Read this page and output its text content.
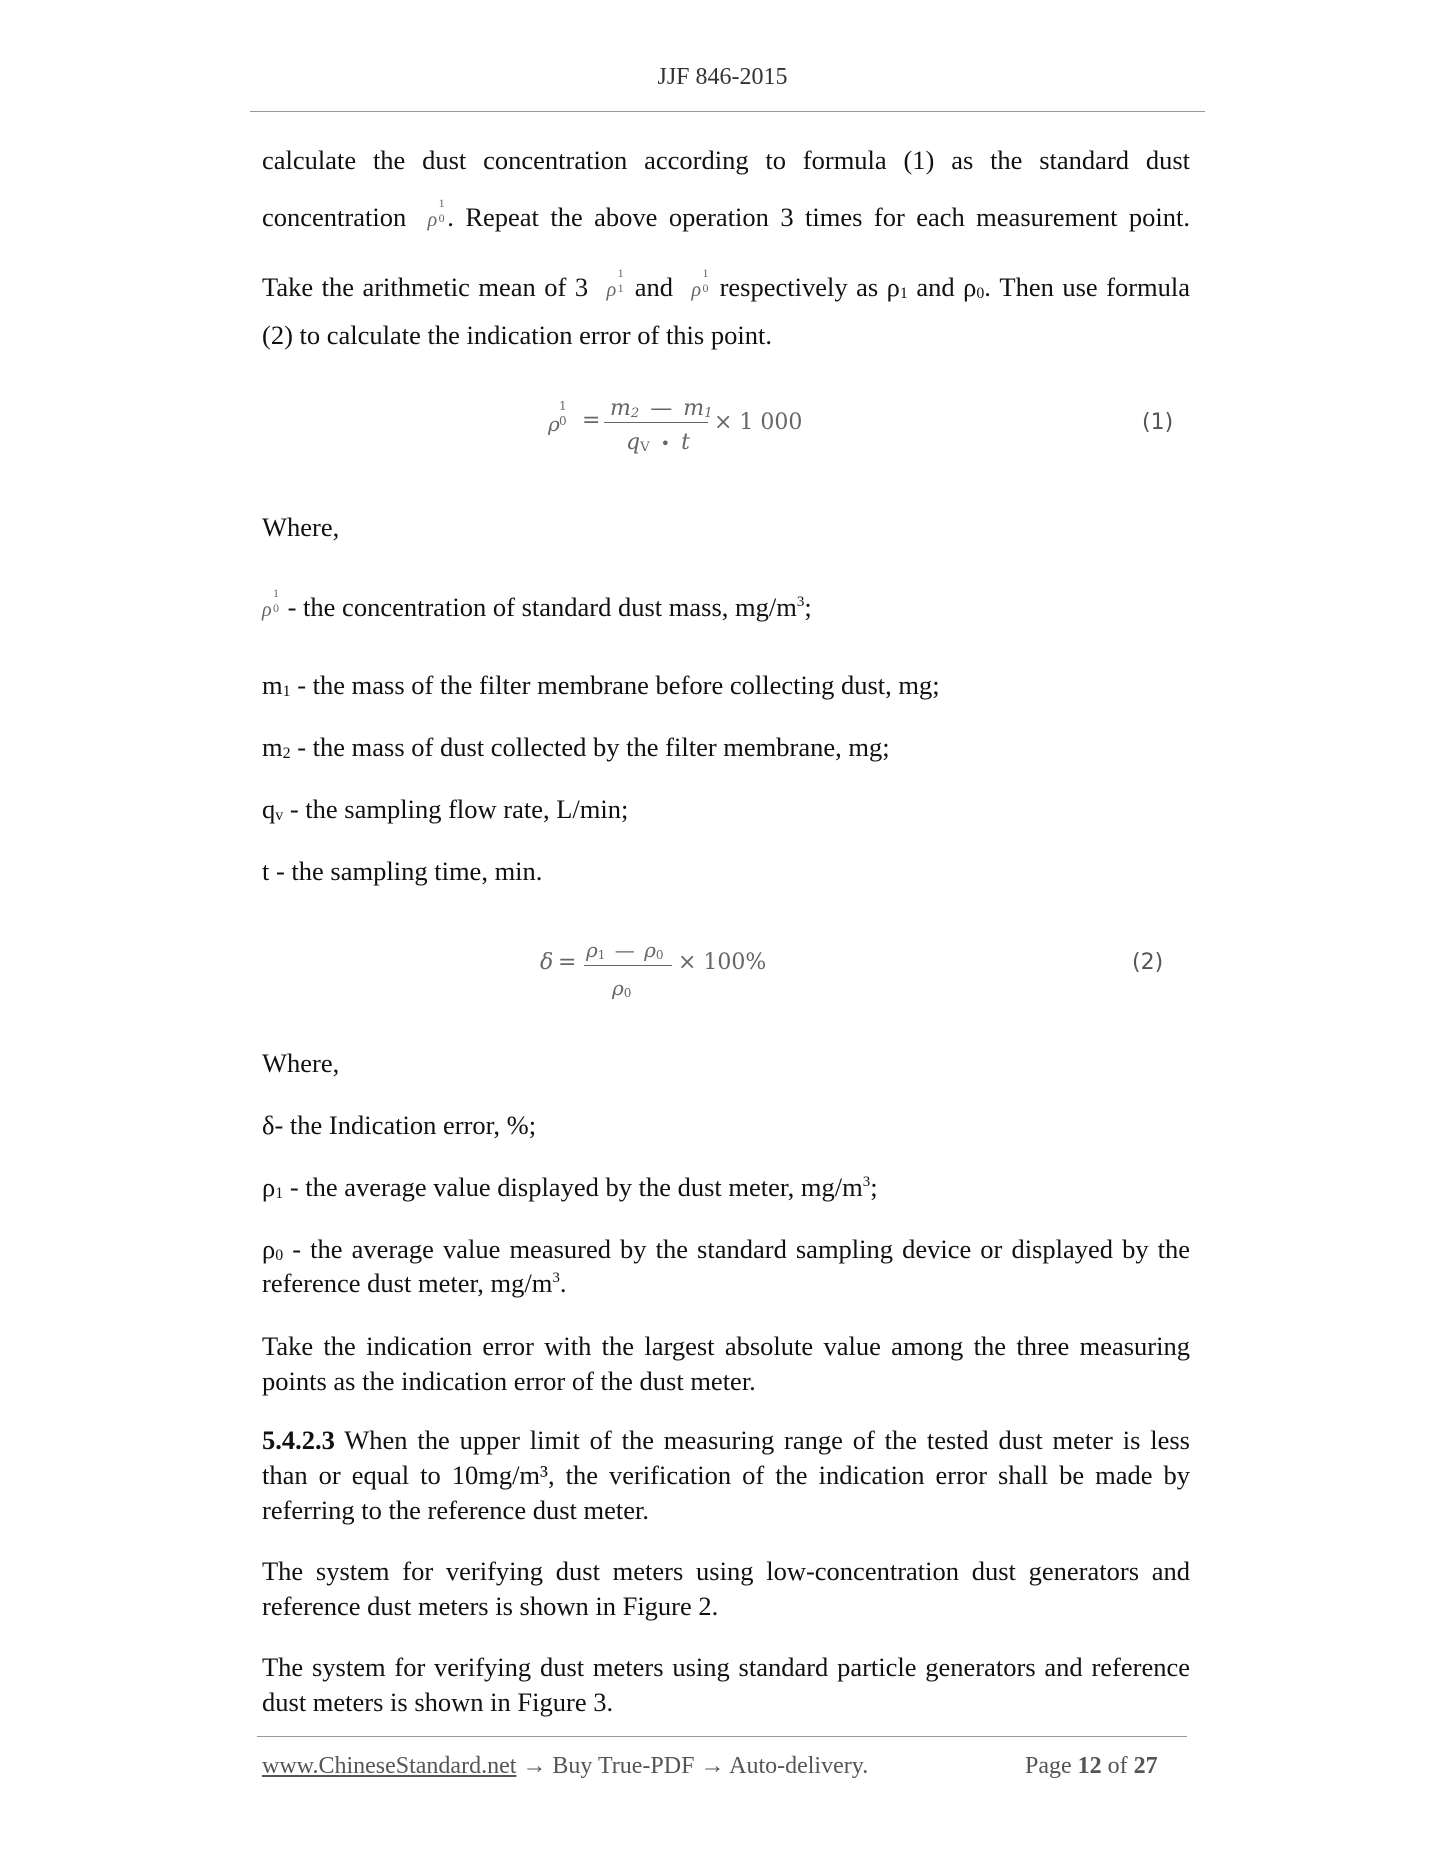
JJF 846-2015
calculate the dust concentration according to formula (1) as the standard dust
concentration ρ
1
0 . Repeat the above operation 3 times for each measurement point.
Take the arithmetic mean of 3 ρ
1
1 and ρ
1
0 respectively as ρ1 and ρ0. Then use formula
(2) to calculate the indication error of this point.
ρ
1
0 = m2 — m1
qV • t
× 1 000	(1)
Where,
ρ
1
0 - the concentration of standard dust mass, $mg/m^3$;
m1 - the mass of the filter membrane before collecting dust, mg;
m2 - the mass of dust collected by the filter membrane, mg;
qv - the sampling flow rate, L/min;
t - the sampling time, min.
δ = ρ1 — ρ0
ρ0
× 100%	(2)
Where,
δ- the Indication error, %;
ρ1 - the average value displayed by the dust meter, $mg/m^3$;
ρ0 - the average value measured by the standard sampling device or displayed by the
reference dust meter, $mg/m^3$.
Take the indication error with the largest absolute value among the three measuring points as the indication error of the dust meter.
5.4.2.3 When the upper limit of the measuring range of the tested dust meter is less than or equal to 10mg/m³, the verification of the indication error shall be made by referring to the reference dust meter.
The system for verifying dust meters using low-concentration dust generators and reference dust meters is shown in Figure 2.
The system for verifying dust meters using standard particle generators and reference dust meters is shown in Figure 3.
www.ChineseStandard.net → Buy True-PDF → Auto-delivery.	Page 12 of 27
